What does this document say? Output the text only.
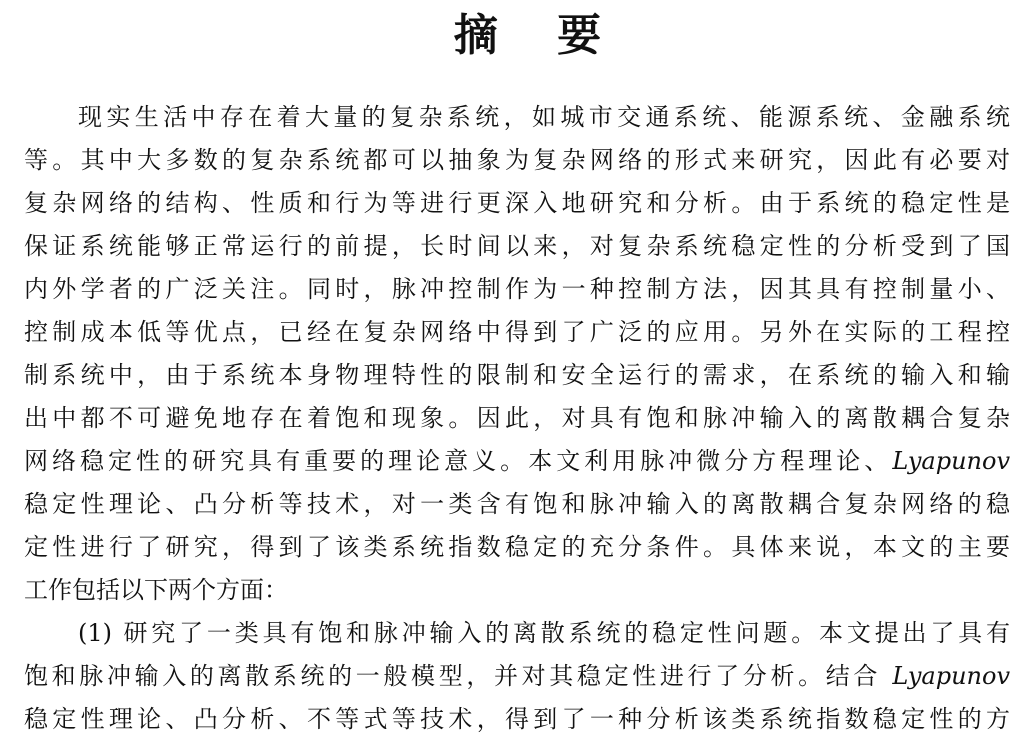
摘 要
现实生活中存在着大量的复杂系统，如城市交通系统、能源系统、金融系统
等。其中大多数的复杂系统都可以抽象为复杂网络的形式来研究，因此有必要对
复杂网络的结构、性质和行为等进行更深入地研究和分析。由于系统的稳定性是
保证系统能够正常运行的前提，长时间以来，对复杂系统稳定性的分析受到了国
内外学者的广泛关注。同时，脉冲控制作为一种控制方法，因其具有控制量小、
控制成本低等优点，已经在复杂网络中得到了广泛的应用。另外在实际的工程控
制系统中，由于系统本身物理特性的限制和安全运行的需求，在系统的输入和输
出中都不可避免地存在着饱和现象。因此，对具有饱和脉冲输入的离散耦合复杂
网络稳定性的研究具有重要的理论意义。本文利用脉冲微分方程理论、Lyapunov
稳定性理论、凸分析等技术，对一类含有饱和脉冲输入的离散耦合复杂网络的稳
定性进行了研究，得到了该类系统指数稳定的充分条件。具体来说，本文的主要
工作包括以下两个方面：
(1) 研究了一类具有饱和脉冲输入的离散系统的稳定性问题。本文提出了具有
饱和脉冲输入的离散系统的一般模型，并对其稳定性进行了分析。结合 Lyapunov
稳定性理论、凸分析、不等式等技术，得到了一种分析该类系统指数稳定性的方
